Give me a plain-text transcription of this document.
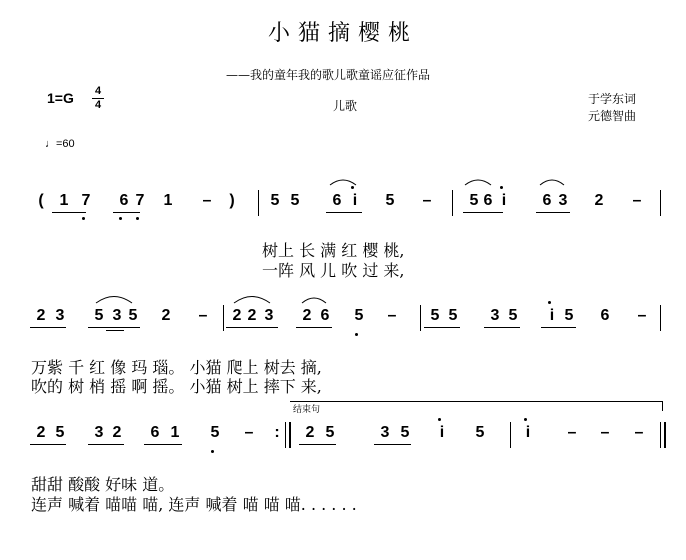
小猫摘樱桃
——我的童年我的歌儿歌童谣应征作品
儿歌	于学东词
元德智曲
1=G 4
4
♩=60
( 1 7 6 7 1 – ) 5 5 6 i 5 – 5 6 i 6 3 2 –
2 3 5 3 5 2 – 2 2 3 2 6 5 – 5 5 3 5 i 5 6 –
2 5 3 2 6 1 5 – : 2 5	3 5 i 5	i – – –
结束句
树上 长 满 红 樱 桃,
一阵 风 儿 吹 过 来,
万紫 千 红 像 玛 瑙。 小猫 爬上 树去 摘,
吹的 树 梢 摇 啊 摇。 小猫 树上 摔下 来,
甜甜 酸酸 好味 道。
连声 喊着 喵喵 喵, 连声 喊着 喵 喵 喵. . . . . .
